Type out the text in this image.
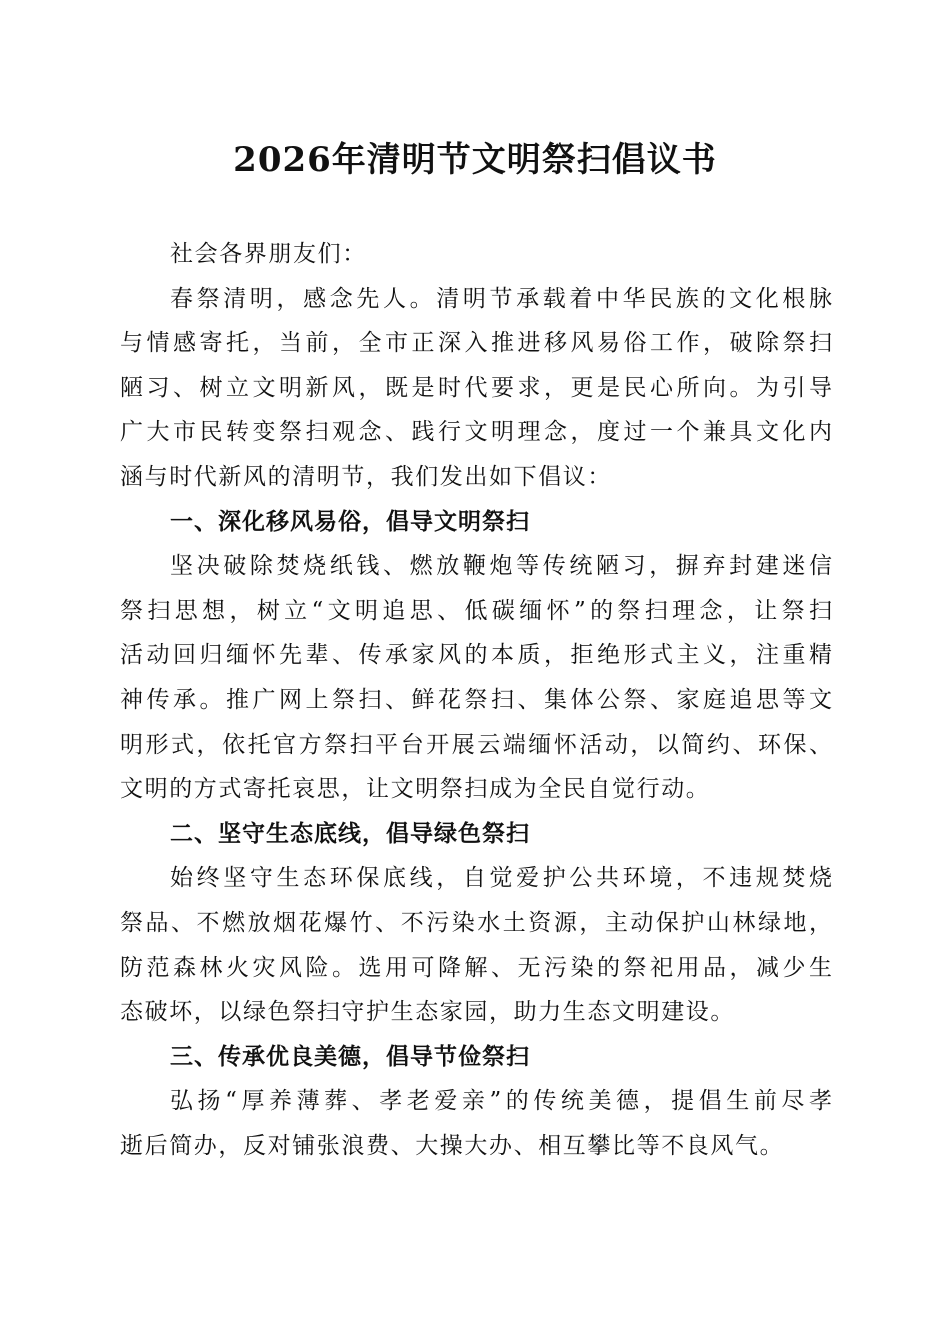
2026年清明节文明祭扫倡议书
社会各界朋友们：
春祭清明，感念先人。清明节承载着中华民族的文化根脉
与情感寄托，当前，全市正深入推进移风易俗工作，破除祭扫
陋习、树立文明新风，既是时代要求，更是民心所向。为引导
广大市民转变祭扫观念、践行文明理念，度过一个兼具文化内
涵与时代新风的清明节，我们发出如下倡议：
一、深化移风易俗，倡导文明祭扫
坚决破除焚烧纸钱、燃放鞭炮等传统陋习，摒弃封建迷信
祭扫思想，树立“文明追思、低碳缅怀”的祭扫理念，让祭扫
活动回归缅怀先辈、传承家风的本质，拒绝形式主义，注重精
神传承。推广网上祭扫、鲜花祭扫、集体公祭、家庭追思等文
明形式，依托官方祭扫平台开展云端缅怀活动，以简约、环保、
文明的方式寄托哀思，让文明祭扫成为全民自觉行动。
二、坚守生态底线，倡导绿色祭扫
始终坚守生态环保底线，自觉爱护公共环境，不违规焚烧
祭品、不燃放烟花爆竹、不污染水土资源，主动保护山林绿地，
防范森林火灾风险。选用可降解、无污染的祭祀用品，减少生
态破坏，以绿色祭扫守护生态家园，助力生态文明建设。
三、传承优良美德，倡导节俭祭扫
弘扬“厚养薄葬、孝老爱亲”的传统美德，提倡生前尽孝
逝后简办，反对铺张浪费、大操大办、相互攀比等不良风气。
